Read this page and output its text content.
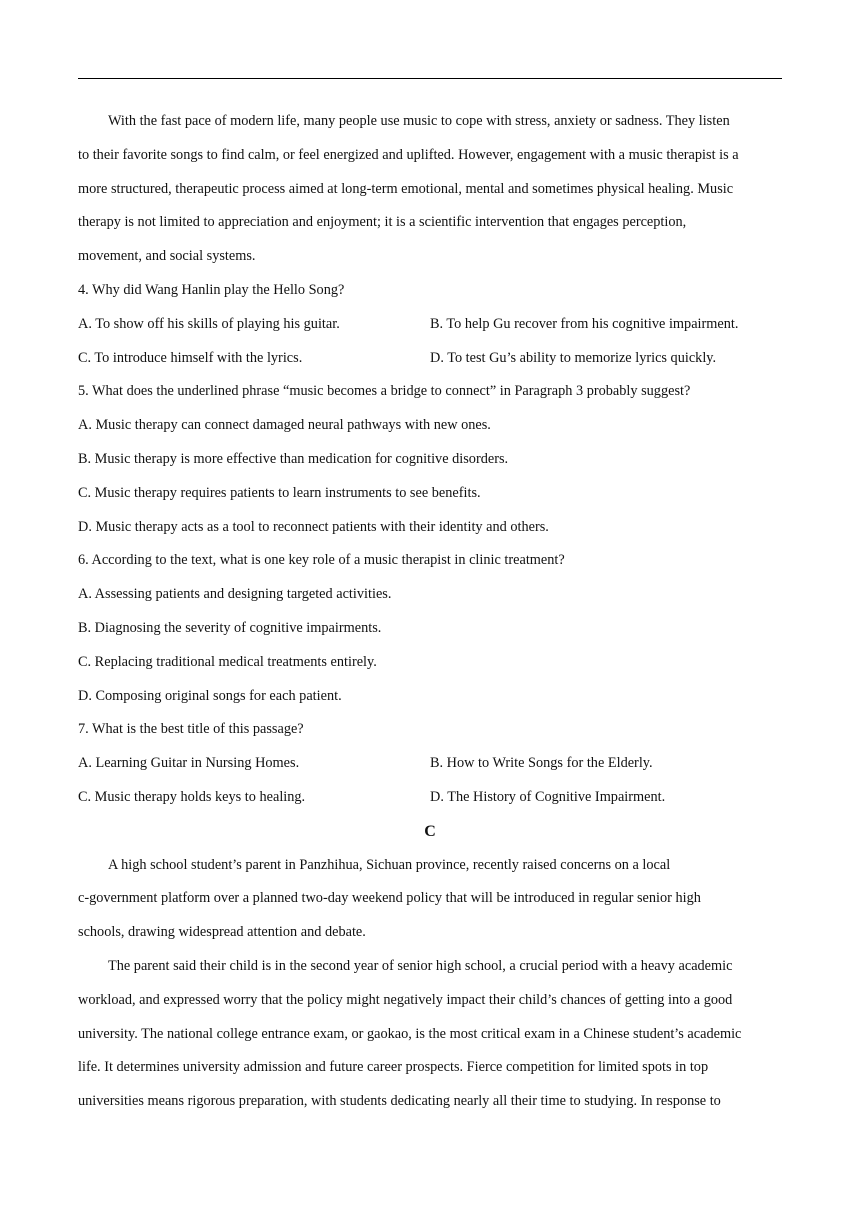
With the fast pace of modern life, many people use music to cope with stress, anxiety or sadness. They listen
to their favorite songs to find calm, or feel energized and uplifted. However, engagement with a music therapist is a
more structured, therapeutic process aimed at long-term emotional, mental and sometimes physical healing. Music
therapy is not limited to appreciation and enjoyment; it is a scientific intervention that engages perception,
movement, and social systems.
4. Why did Wang Hanlin play the Hello Song?
A. To show off his skills of playing his guitar.	B. To help Gu recover from his cognitive impairment.
C. To introduce himself with the lyrics.	D. To test Gu’s ability to memorize lyrics quickly.
5. What does the underlined phrase “music becomes a bridge to connect” in Paragraph 3 probably suggest?
A. Music therapy can connect damaged neural pathways with new ones.
B. Music therapy is more effective than medication for cognitive disorders.
C. Music therapy requires patients to learn instruments to see benefits.
D. Music therapy acts as a tool to reconnect patients with their identity and others.
6. According to the text, what is one key role of a music therapist in clinic treatment?
A. Assessing patients and designing targeted activities.
B. Diagnosing the severity of cognitive impairments.
C. Replacing traditional medical treatments entirely.
D. Composing original songs for each patient.
7. What is the best title of this passage?
A. Learning Guitar in Nursing Homes.	B. How to Write Songs for the Elderly.
C. Music therapy holds keys to healing.	D. The History of Cognitive Impairment.
C
A high school student’s parent in Panzhihua, Sichuan province, recently raised concerns on a local
c-government platform over a planned two-day weekend policy that will be introduced in regular senior high
schools, drawing widespread attention and debate.
The parent said their child is in the second year of senior high school, a crucial period with a heavy academic
workload, and expressed worry that the policy might negatively impact their child’s chances of getting into a good
university. The national college entrance exam, or gaokao, is the most critical exam in a Chinese student’s academic
life. It determines university admission and future career prospects. Fierce competition for limited spots in top
universities means rigorous preparation, with students dedicating nearly all their time to studying. In response to
